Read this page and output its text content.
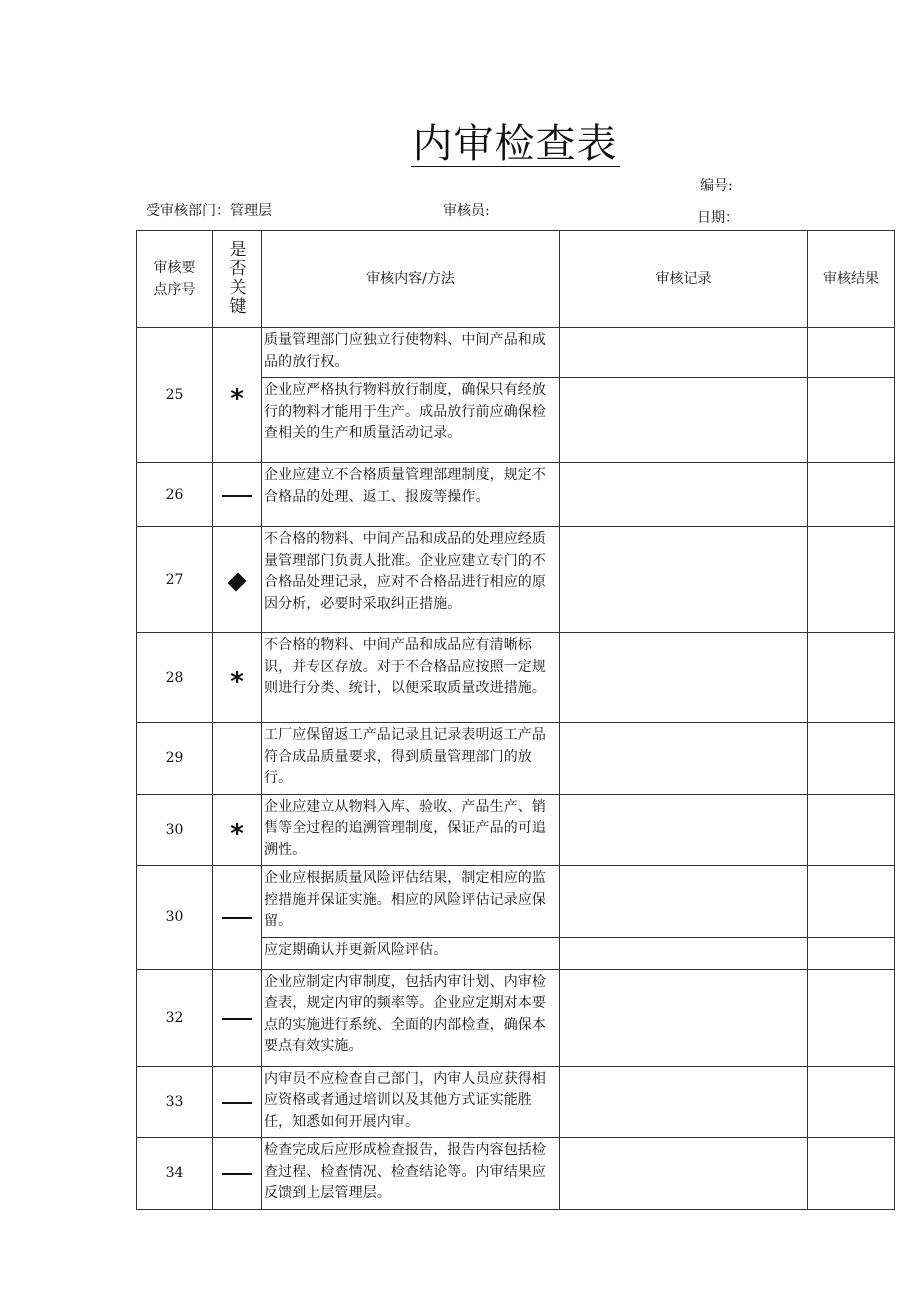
内审检查表
编号:
受审核部门：管理层	审核员:	日期：
审核要点序号	是否关键	审核内容/方法	审核记录	审核结果
25	*	质量管理部门应独立行使物料、中间产品和成品的放行权。		
		企业应严格执行物料放行制度，确保只有经放行的物料才能用于生产。成品放行前应确保检查相关的生产和质量活动记录。		
26		企业应建立不合格质量管理部理制度，规定不合格品的处理、返工、报废等操作。		
27		不合格的物料、中间产品和成品的处理应经质量管理部门负责人批准。企业应建立专门的不合格品处理记录，应对不合格品进行相应的原因分析，必要时采取纠正措施。		
28	*	不合格的物料、中间产品和成品应有清晰标识，并专区存放。对于不合格品应按照一定规则进行分类、统计，以便采取质量改进措施。		
29		工厂应保留返工产品记录且记录表明返工产品符合成品质量要求，得到质量管理部门的放行。		
30	*	企业应建立从物料入库、验收、产品生产、销售等全过程的追溯管理制度，保证产品的可追溯性。		
30		企业应根据质量风险评估结果，制定相应的监控措施并保证实施。相应的风险评估记录应保留。		
		应定期确认并更新风险评估。		
32		企业应制定内审制度，包括内审计划、内审检查表，规定内审的频率等。企业应定期对本要点的实施进行系统、全面的内部检查，确保本要点有效实施。		
33		内审员不应检查自己部门，内审人员应获得相应资格或者通过培训以及其他方式证实能胜任，知悉如何开展内审。		
34		检查完成后应形成检查报告，报告内容包括检查过程、检查情况、检查结论等。内审结果应反馈到上层管理层。		
